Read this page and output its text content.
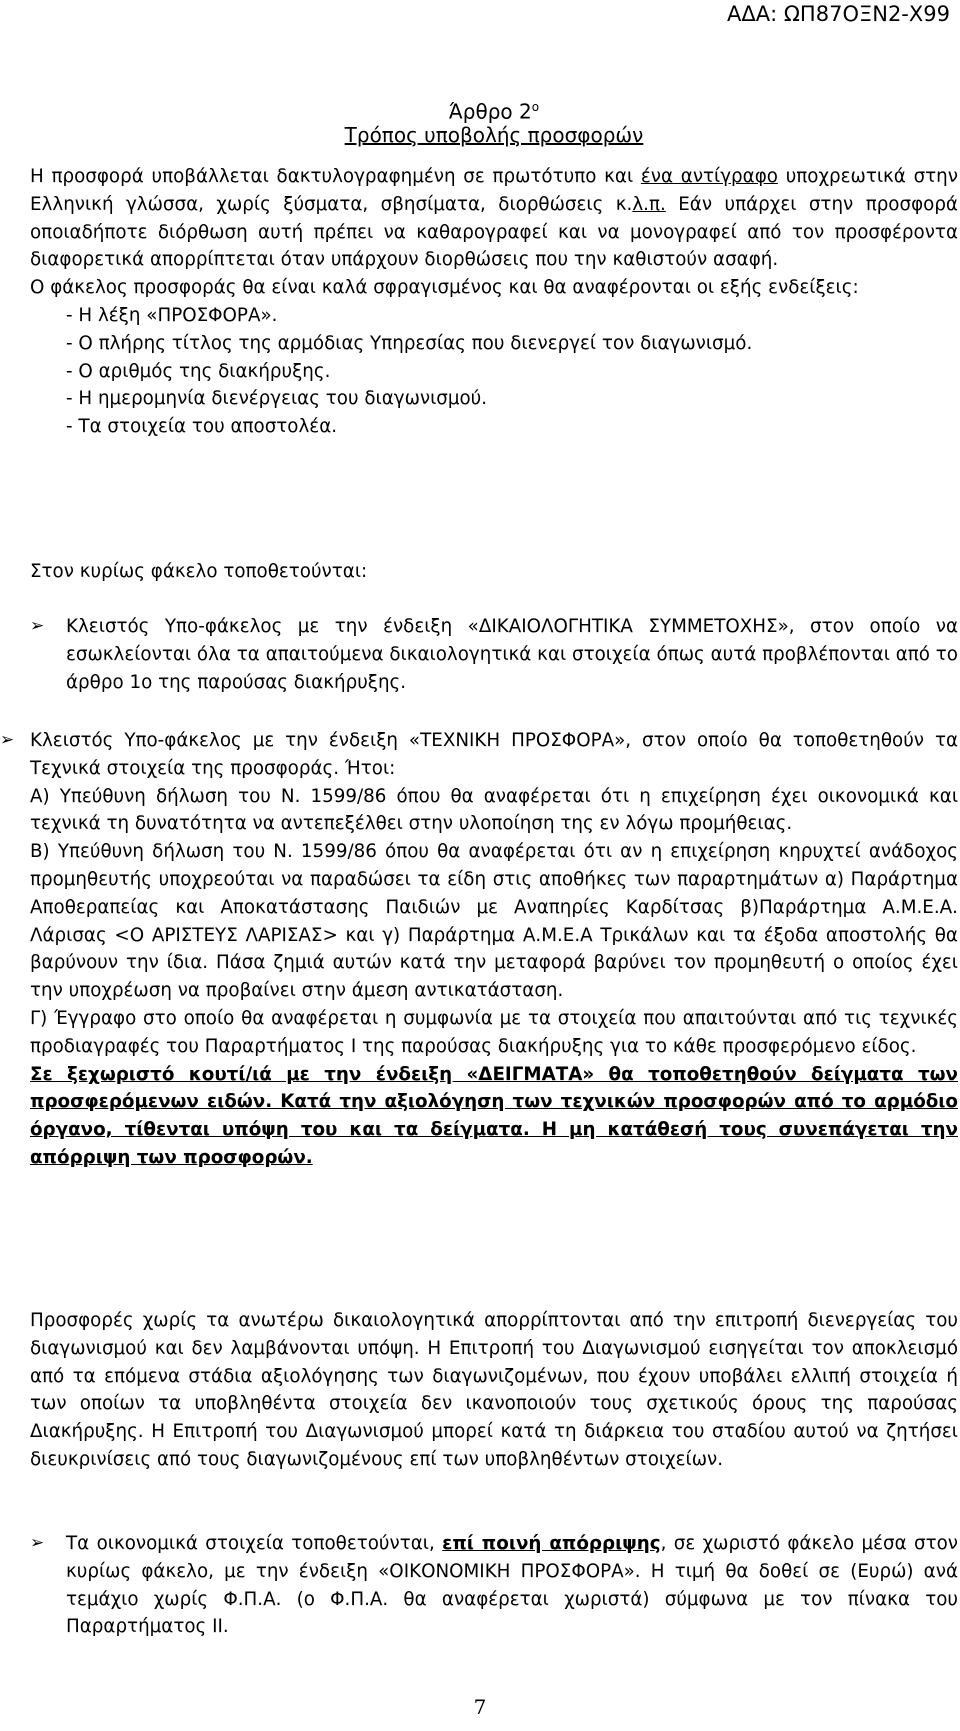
ΑΔΑ: ΩΠ87ΟΞΝ2-Χ99
Άρθρο $2^o$
Τρόπος υποβολής προσφορών

Η προσφορά υποβάλλεται δακτυλογραφημένη σε πρωτότυπο και ένα αντίγραφο υποχρεωτικά στην Ελληνική γλώσσα, χωρίς ξύσματα, σβησίματα, διορθώσεις κ.λ.π. Εάν υπάρχει στην προσφορά οποιαδήποτε διόρθωση αυτή πρέπει να καθαρογραφεί και να μονογραφεί από τον προσφέροντα διαφορετικά απορρίπτεται όταν υπάρχουν διορθώσεις που την καθιστούν ασαφή.

Ο φάκελος προσφοράς θα είναι καλά σφραγισμένος και θα αναφέρονται οι εξής ενδείξεις:

- Η λέξη «ΠΡΟΣΦΟΡΑ».

- Ο πλήρης τίτλος της αρμόδιας Υπηρεσίας που διενεργεί τον διαγωνισμό.

- Ο αριθμός της διακήρυξης.

- Η ημερομηνία διενέργειας του διαγωνισμού.

- Τα στοιχεία του αποστολέα.

Στον κυρίως φάκελο τοποθετούνται:
➢	Κλειστός Υπο-φάκελος με την ένδειξη «ΔΙΚΑΙΟΛΟΓΗΤΙΚΑ ΣΥΜΜΕΤΟΧΗΣ», στον οποίο να εσωκλείονται όλα τα απαιτούμενα δικαιολογητικά και στοιχεία όπως αυτά προβλέπονται από το άρθρο 1ο της παρούσας διακήρυξης.
➢ Κλειστός Υπο-φάκελος με την ένδειξη «ΤΕΧΝΙΚΗ ΠΡΟΣΦΟΡΑ», στον οποίο θα τοποθετηθούν τα Τεχνικά στοιχεία της προσφοράς. Ήτοι:

Α) Υπεύθυνη δήλωση του Ν. 1599/86 όπου θα αναφέρεται ότι η επιχείρηση έχει οικονομικά και τεχνικά τη δυνατότητα να αντεπεξέλθει στην υλοποίηση της εν λόγω προμήθειας.

Β) Υπεύθυνη δήλωση του Ν. 1599/86 όπου θα αναφέρεται ότι αν η επιχείρηση κηρυχτεί ανάδοχος προμηθευτής υποχρεούται να παραδώσει τα είδη στις αποθήκες των παραρτημάτων α) Παράρτημα Αποθεραπείας και Αποκατάστασης Παιδιών με Αναπηρίες Καρδίτσας β)Παράρτημα Α.Μ.Ε.Α. Λάρισας <Ο ΑΡΙΣΤΕΥΣ ΛΑΡΙΣΑΣ> και γ) Παράρτημα Α.Μ.Ε.Α Τρικάλων και τα έξοδα αποστολής θα βαρύνουν την ίδια. Πάσα ζημιά αυτών κατά την μεταφορά βαρύνει τον προμηθευτή ο οποίος έχει την υποχρέωση να προβαίνει στην άμεση αντικατάσταση.

Γ) Έγγραφο στο οποίο θα αναφέρεται η συμφωνία με τα στοιχεία που απαιτούνται από τις τεχνικές προδιαγραφές του Παραρτήματος Ι της παρούσας διακήρυξης για το κάθε προσφερόμενο είδος.

Σε ξεχωριστό κουτί/ιά με την ένδειξη «ΔΕΙΓΜΑΤΑ» θα τοποθετηθούν δείγματα των προσφερόμενων ειδών. Κατά την αξιολόγηση των τεχνικών προσφορών από το αρμόδιο όργανο, τίθενται υπόψη του και τα δείγματα. Η μη κατάθεσή τους συνεπάγεται την απόρριψη των προσφορών.

Προσφορές χωρίς τα ανωτέρω δικαιολογητικά απορρίπτονται από την επιτροπή διενεργείας του διαγωνισμού και δεν λαμβάνονται υπόψη. Η Επιτροπή του Διαγωνισμού εισηγείται τον αποκλεισμό από τα επόμενα στάδια αξιολόγησης των διαγωνιζομένων, που έχουν υποβάλει ελλιπή στοιχεία ή των οποίων τα υποβληθέντα στοιχεία δεν ικανοποιούν τους σχετικούς όρους της παρούσας Διακήρυξης. Η Επιτροπή του Διαγωνισμού μπορεί κατά τη διάρκεια του σταδίου αυτού να ζητήσει διευκρινίσεις από τους διαγωνιζομένους επί των υποβληθέντων στοιχείων.
➢	Τα οικονομικά στοιχεία τοποθετούνται, επί ποινή απόρριψης, σε χωριστό φάκελο μέσα στον κυρίως φάκελο, με την ένδειξη «ΟΙΚΟΝΟΜΙΚΗ ΠΡΟΣΦΟΡΑ». Η τιμή θα δοθεί σε (Ευρώ) ανά τεμάχιο χωρίς Φ.Π.Α. (ο Φ.Π.Α. θα αναφέρεται χωριστά) σύμφωνα με τον πίνακα του Παραρτήματος ΙΙ.
7
